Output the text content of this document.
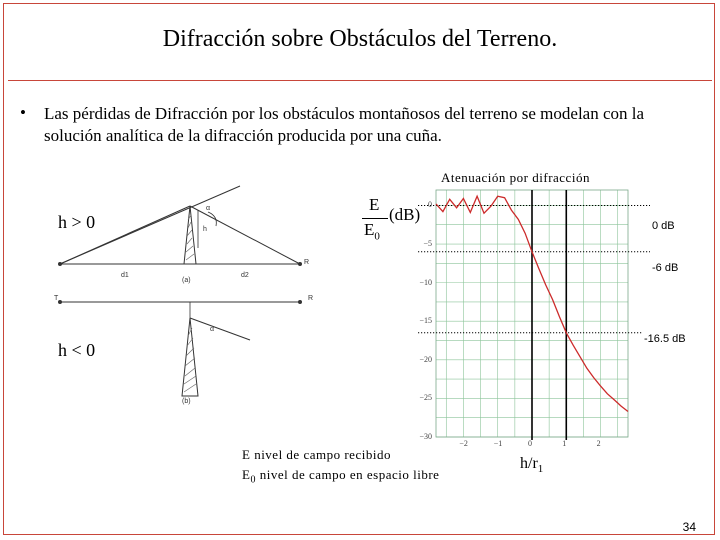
Difracción sobre Obstáculos del Terreno.
• Las pérdidas de Difracción por los obstáculos montañosos del terreno se modelan con la solución analítica de la difracción producida por una cuña.
h > 0
h < 0
d1	d2
(a)
(b)
T	R
R
h
α
α
Atenuación por difracción
E
$E_0$
(dB)
0
−5
−10
−15
−20
−25
−30
−2	−1	0	1	2
0 dB
-6 dB
-16.5 dB
E nivel de campo recibido
$E_0$ nivel de campo en espacio libre
$h/r_1$
34
